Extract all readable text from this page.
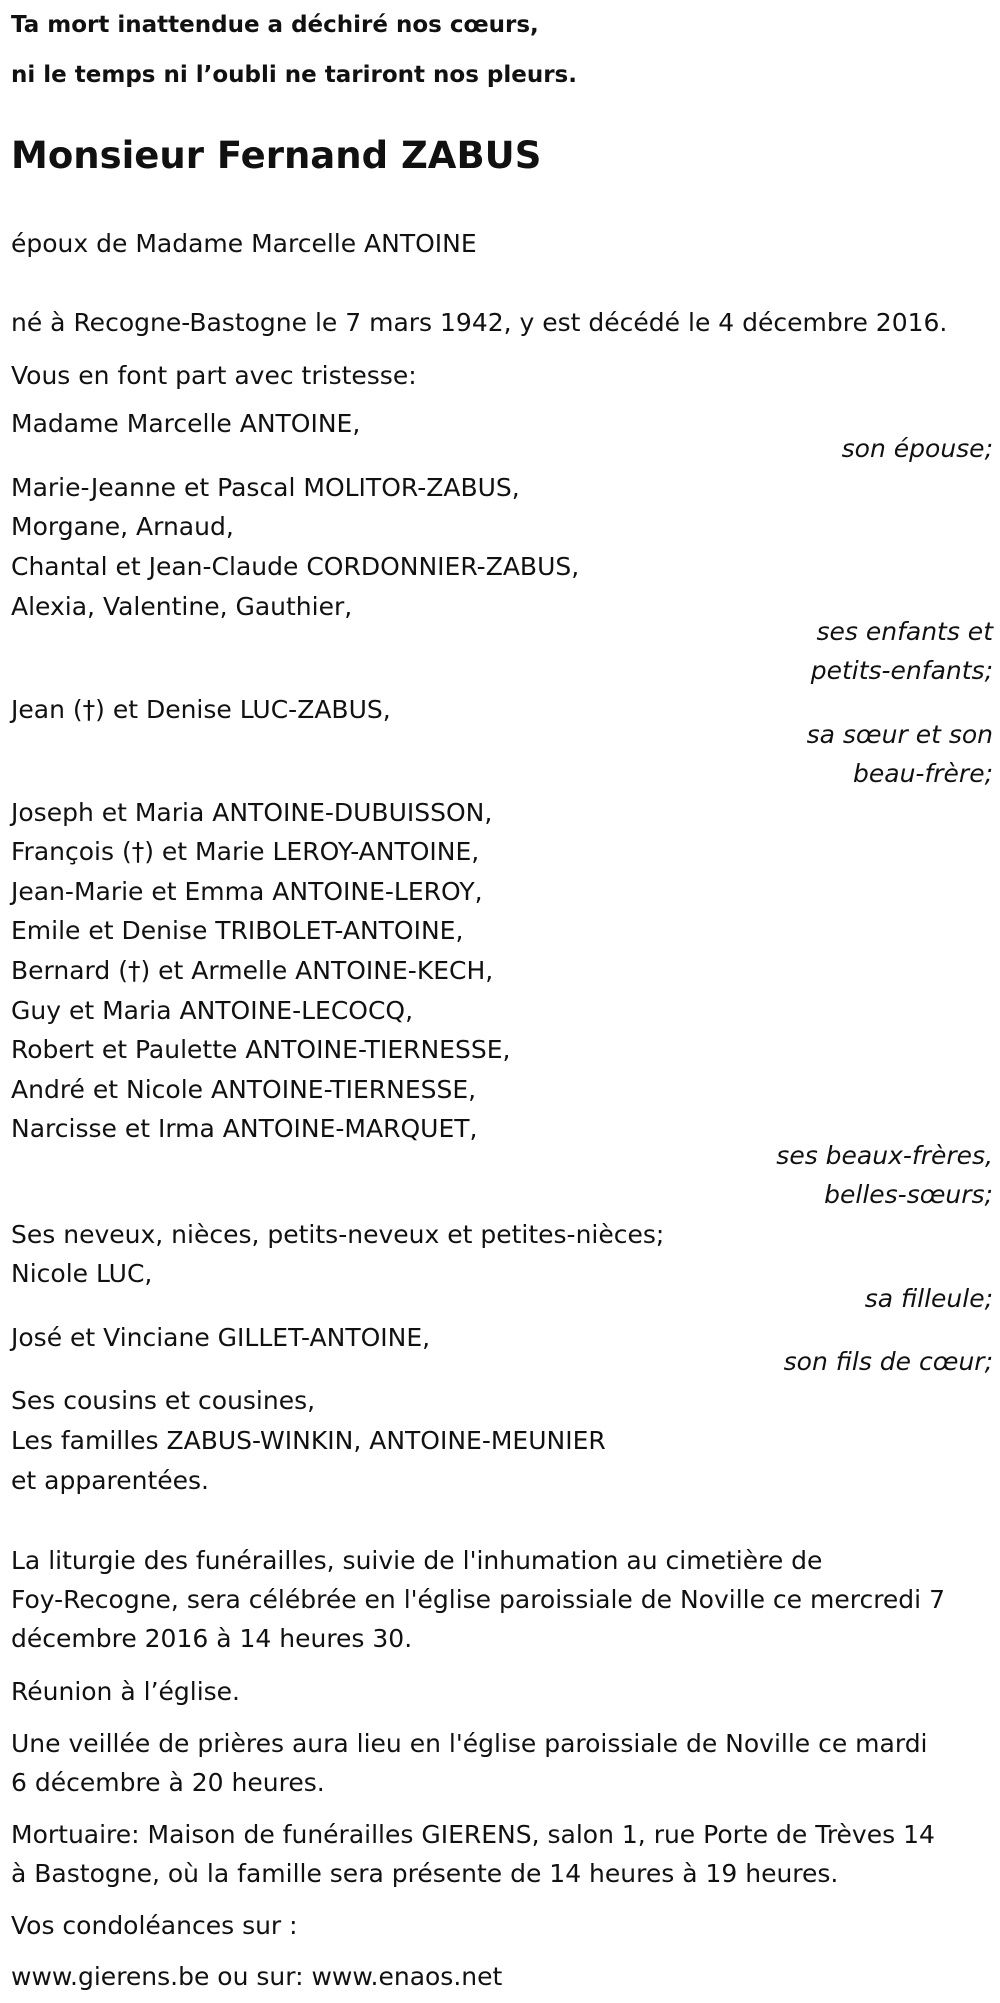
Ta mort inattendue a déchiré nos cœurs,
ni le temps ni l’oubli ne tariront nos pleurs.
Monsieur Fernand ZABUS
époux de Madame Marcelle ANTOINE
né à Recogne-Bastogne le 7 mars 1942, y est décédé le 4 décembre 2016.
Vous en font part avec tristesse:
Madame Marcelle ANTOINE,
son épouse;
Marie-Jeanne et Pascal MOLITOR-ZABUS,
Morgane, Arnaud,
Chantal et Jean-Claude CORDONNIER-ZABUS,
Alexia, Valentine, Gauthier,
ses enfants et
petits-enfants;
Jean (†) et Denise LUC-ZABUS,
sa sœur et son
beau-frère;
Joseph et Maria ANTOINE-DUBUISSON,
François (†) et Marie LEROY-ANTOINE,
Jean-Marie et Emma ANTOINE-LEROY,
Emile et Denise TRIBOLET-ANTOINE,
Bernard (†) et Armelle ANTOINE-KECH,
Guy et Maria ANTOINE-LECOCQ,
Robert et Paulette ANTOINE-TIERNESSE,
André et Nicole ANTOINE-TIERNESSE,
Narcisse et Irma ANTOINE-MARQUET,
ses beaux-frères,
belles-sœurs;
Ses neveux, nièces, petits-neveux et petites-nièces;
Nicole LUC,
sa filleule;
José et Vinciane GILLET-ANTOINE,
son fils de cœur;
Ses cousins et cousines,
Les familles ZABUS-WINKIN, ANTOINE-MEUNIER
et apparentées.
La liturgie des funérailles, suivie de l'inhumation au cimetière de
Foy-Recogne, sera célébrée en l'église paroissiale de Noville ce mercredi 7
décembre 2016 à 14 heures 30.
Réunion à l’église.
Une veillée de prières aura lieu en l'église paroissiale de Noville ce mardi
6 décembre à 20 heures.
Mortuaire: Maison de funérailles GIERENS, salon 1, rue Porte de Trèves 14
à Bastogne, où la famille sera présente de 14 heures à 19 heures.
Vos condoléances sur :
www.gierens.be ou sur: www.enaos.net
